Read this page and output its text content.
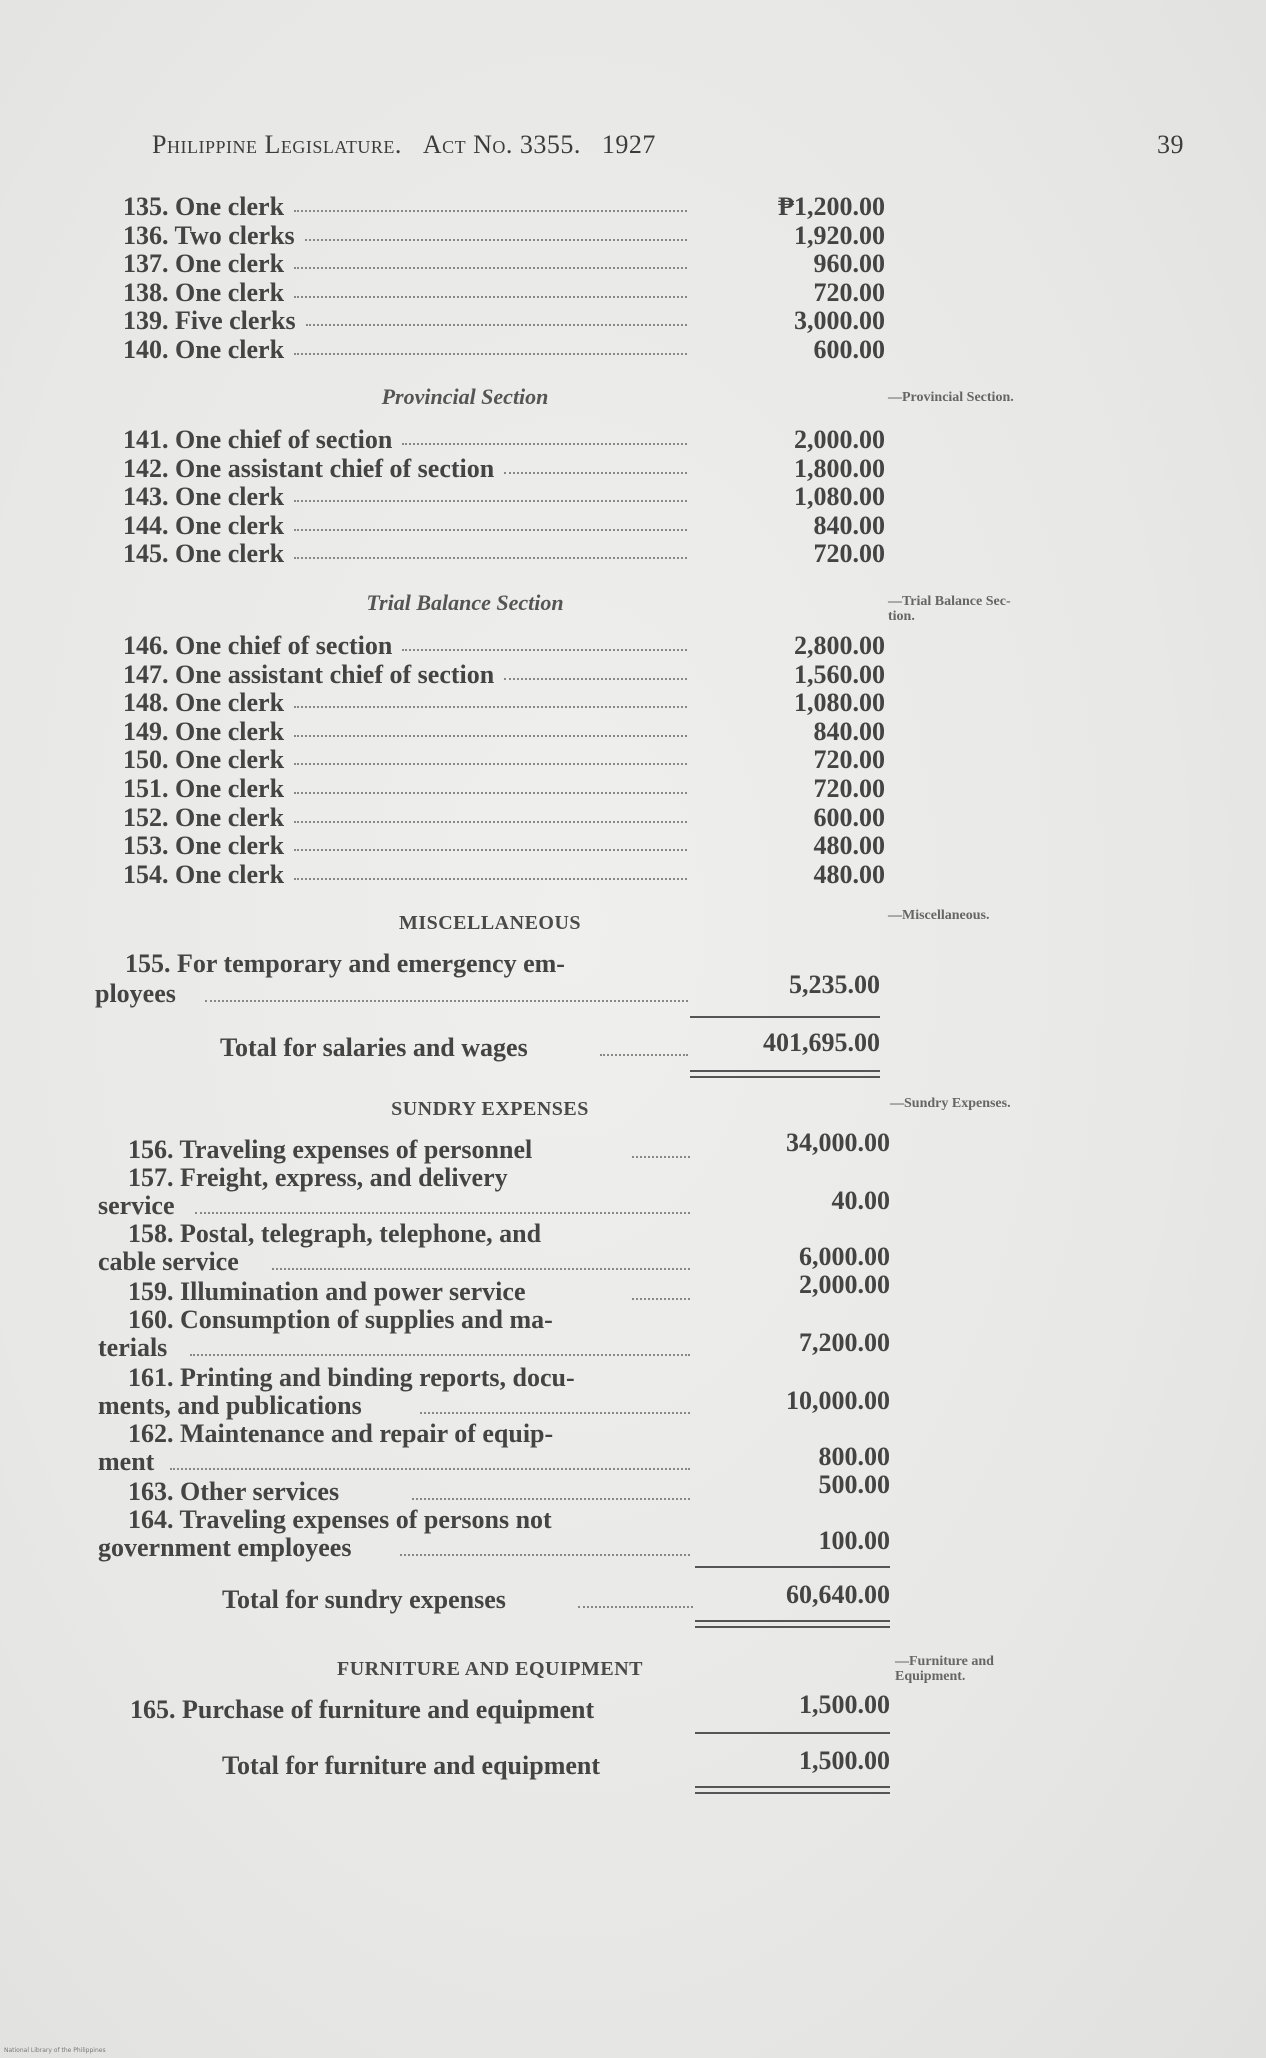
Philippine Legislature. Act No. 3355. 1927	39
135. One clerk	₱1,200.00
136. Two clerks	1,920.00
137. One clerk	960.00
138. One clerk	720.00
139. Five clerks	3,000.00
140. One clerk	600.00
Provincial Section	—Provincial Section.
141. One chief of section	2,000.00
142. One assistant chief of section	1,800.00
143. One clerk	1,080.00
144. One clerk	840.00
145. One clerk	720.00
Trial Balance Section	—Trial Balance Sec-
tion.
146. One chief of section	2,800.00
147. One assistant chief of section	1,560.00
148. One clerk	1,080.00
149. One clerk	840.00
150. One clerk	720.00
151. One clerk	720.00
152. One clerk	600.00
153. One clerk	480.00
154. One clerk	480.00
MISCELLANEOUS	—Miscellaneous.
155. For temporary and emergency em-
ployees	5,235.00
Total for salaries and wages	401,695.00
SUNDRY EXPENSES	—Sundry Expenses.
156. Traveling expenses of personnel	34,000.00
157. Freight, express, and delivery
service	40.00
158. Postal, telegraph, telephone, and
cable service	6,000.00
159. Illumination and power service	2,000.00
160. Consumption of supplies and ma-
terials	7,200.00
161. Printing and binding reports, docu-
ments, and publications	10,000.00
162. Maintenance and repair of equip-
ment	800.00
163. Other services	500.00
164. Traveling expenses of persons not
government employees	100.00
Total for sundry expenses	60,640.00
FURNITURE AND EQUIPMENT	—Furniture and
Equipment.
165. Purchase of furniture and equipment	1,500.00
Total for furniture and equipment	1,500.00
National Library of the Philippines
